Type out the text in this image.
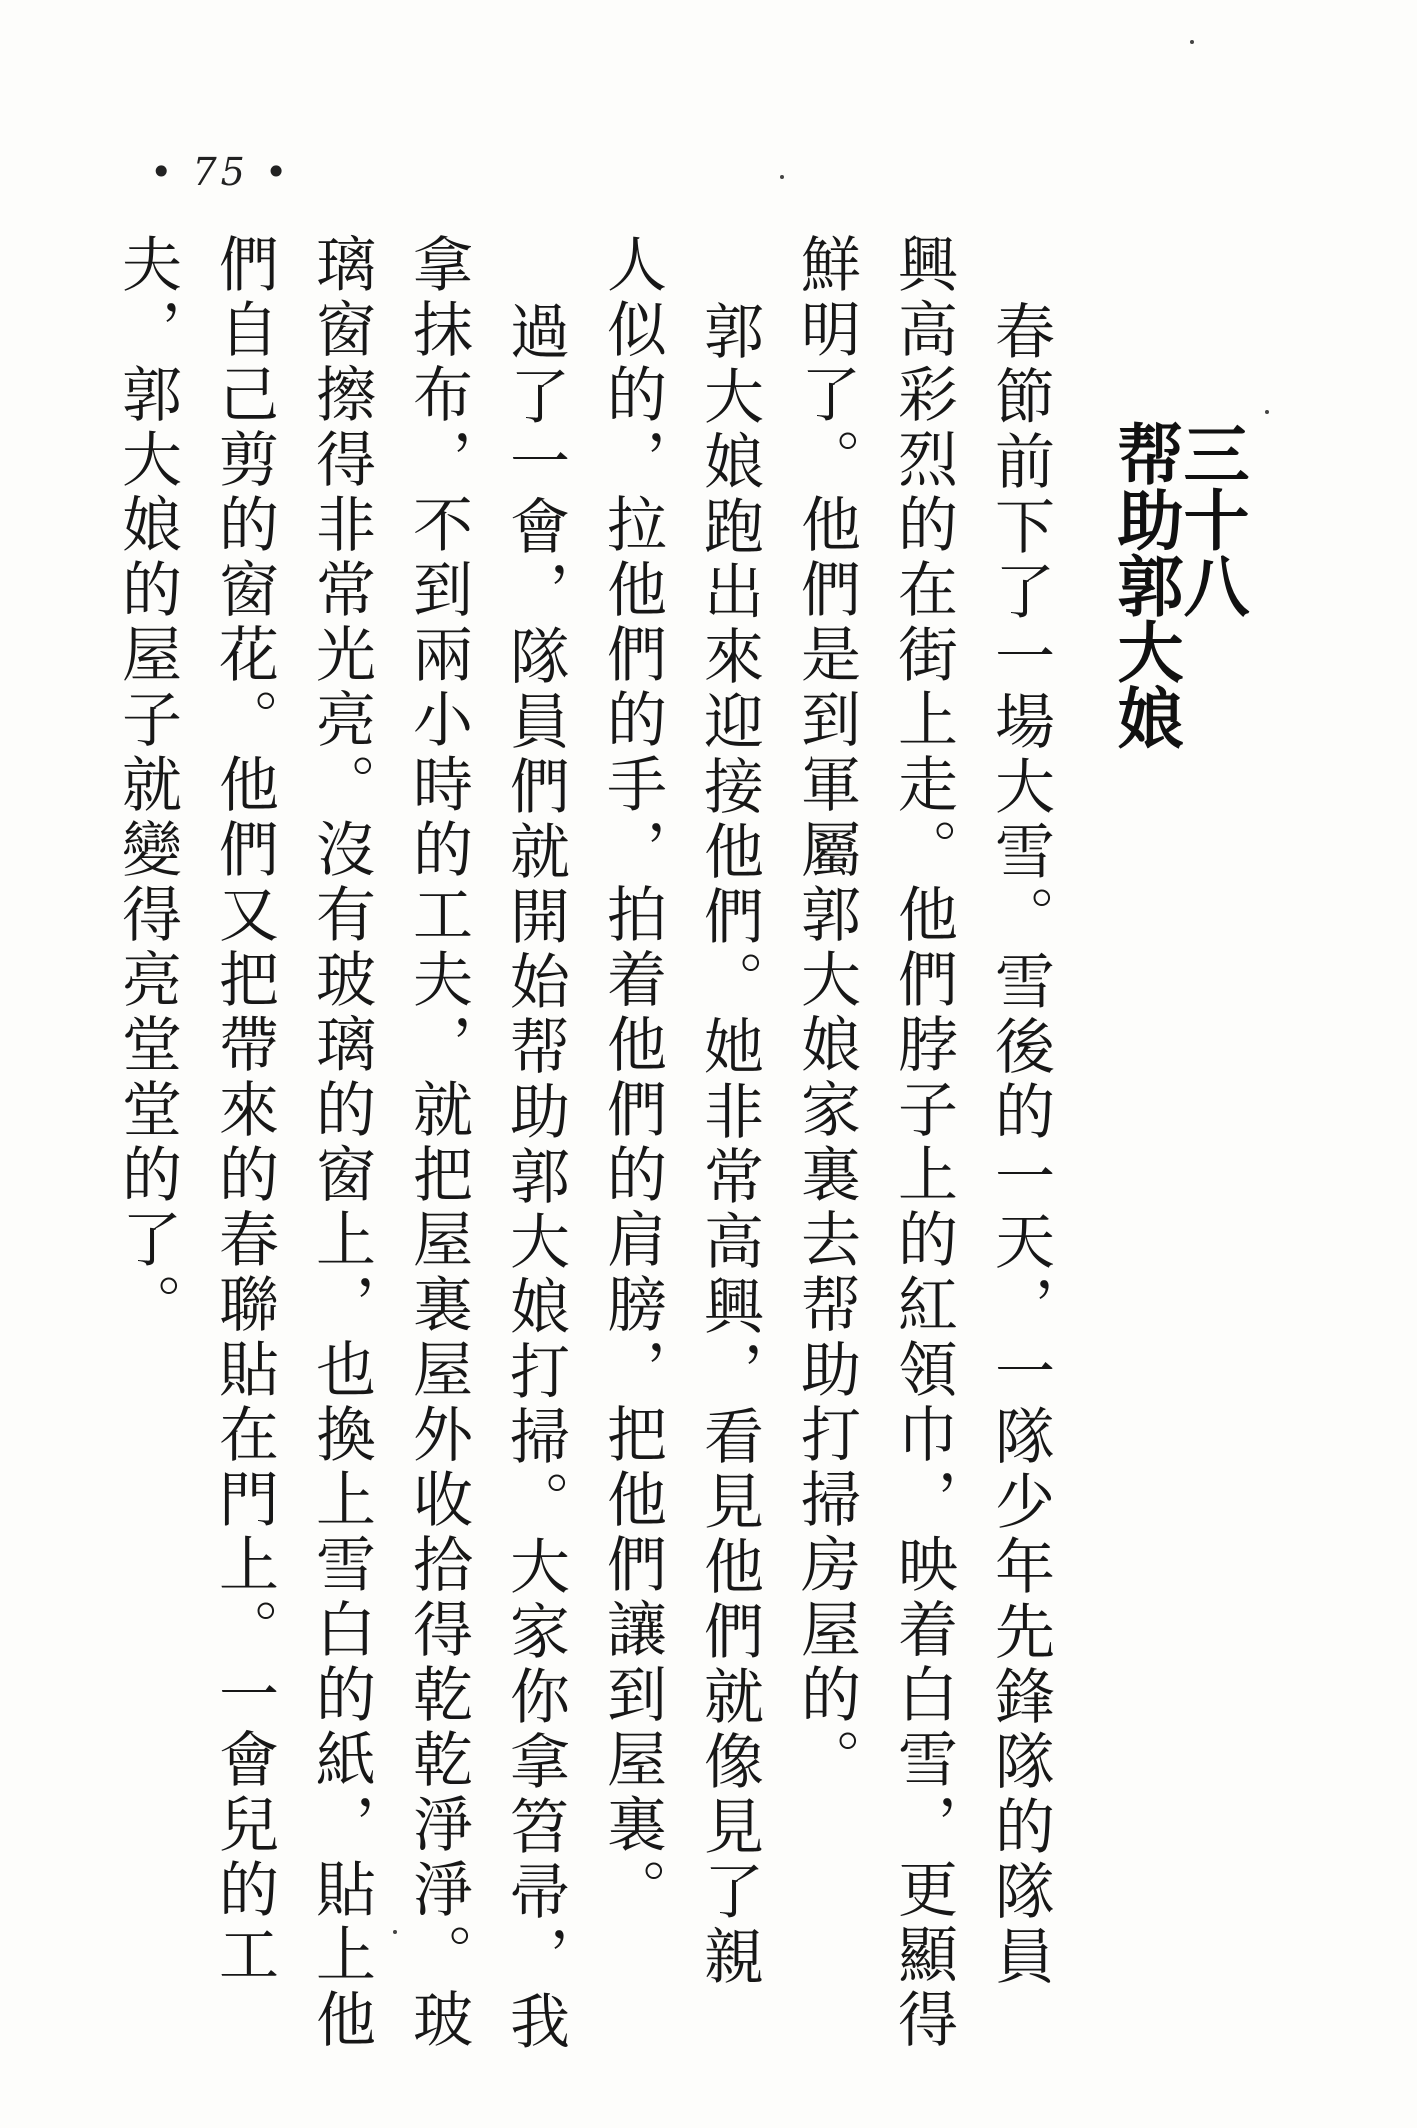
• 75 •
三十八
帮助郭大娘
春節前下了一場大雪。雪後的一天，一隊少年先鋒隊的隊員
興高彩烈的在街上走。他們脖子上的紅領巾，映着白雪，更顯得
鮮明了。他們是到軍屬郭大娘家裏去帮助打掃房屋的。
郭大娘跑出來迎接他們。她非常高興，看見他們就像見了親
人似的，拉他們的手，拍着他們的肩膀，把他們讓到屋裏。
過了一會，隊員們就開始帮助郭大娘打掃。大家你拿笤帚，我
拿抹布，不到兩小時的工夫，就把屋裏屋外收拾得乾乾淨淨。玻
璃窗擦得非常光亮。沒有玻璃的窗上，也換上雪白的紙，貼上他
們自己剪的窗花。他們又把帶來的春聯貼在門上。一會兒的工
夫，郭大娘的屋子就變得亮堂堂的了。
